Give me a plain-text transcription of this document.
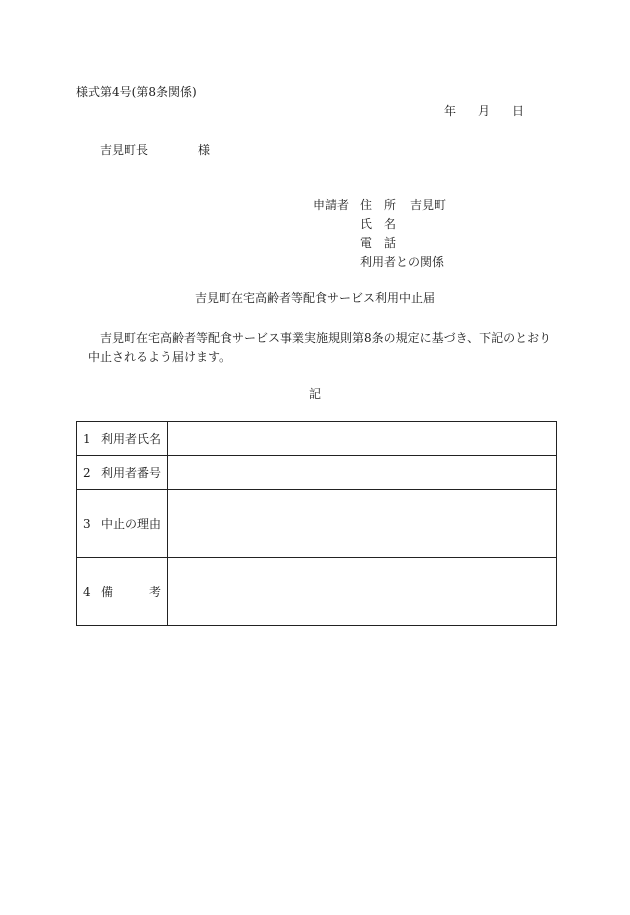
様式第4号(第8条関係)
年 月 日
吉見町長	様
申請者 住 所 吉見町
氏 名
電 話
利用者との関係
吉見町在宅高齢者等配食サービス利用中止届
吉見町在宅高齢者等配食サービス事業実施規則第8条の規定に基づき、下記のとおり
中止されるよう届けます。
記
1 利用者氏名	
2 利用者番号	
3 中止の理由	
4 備 考	
